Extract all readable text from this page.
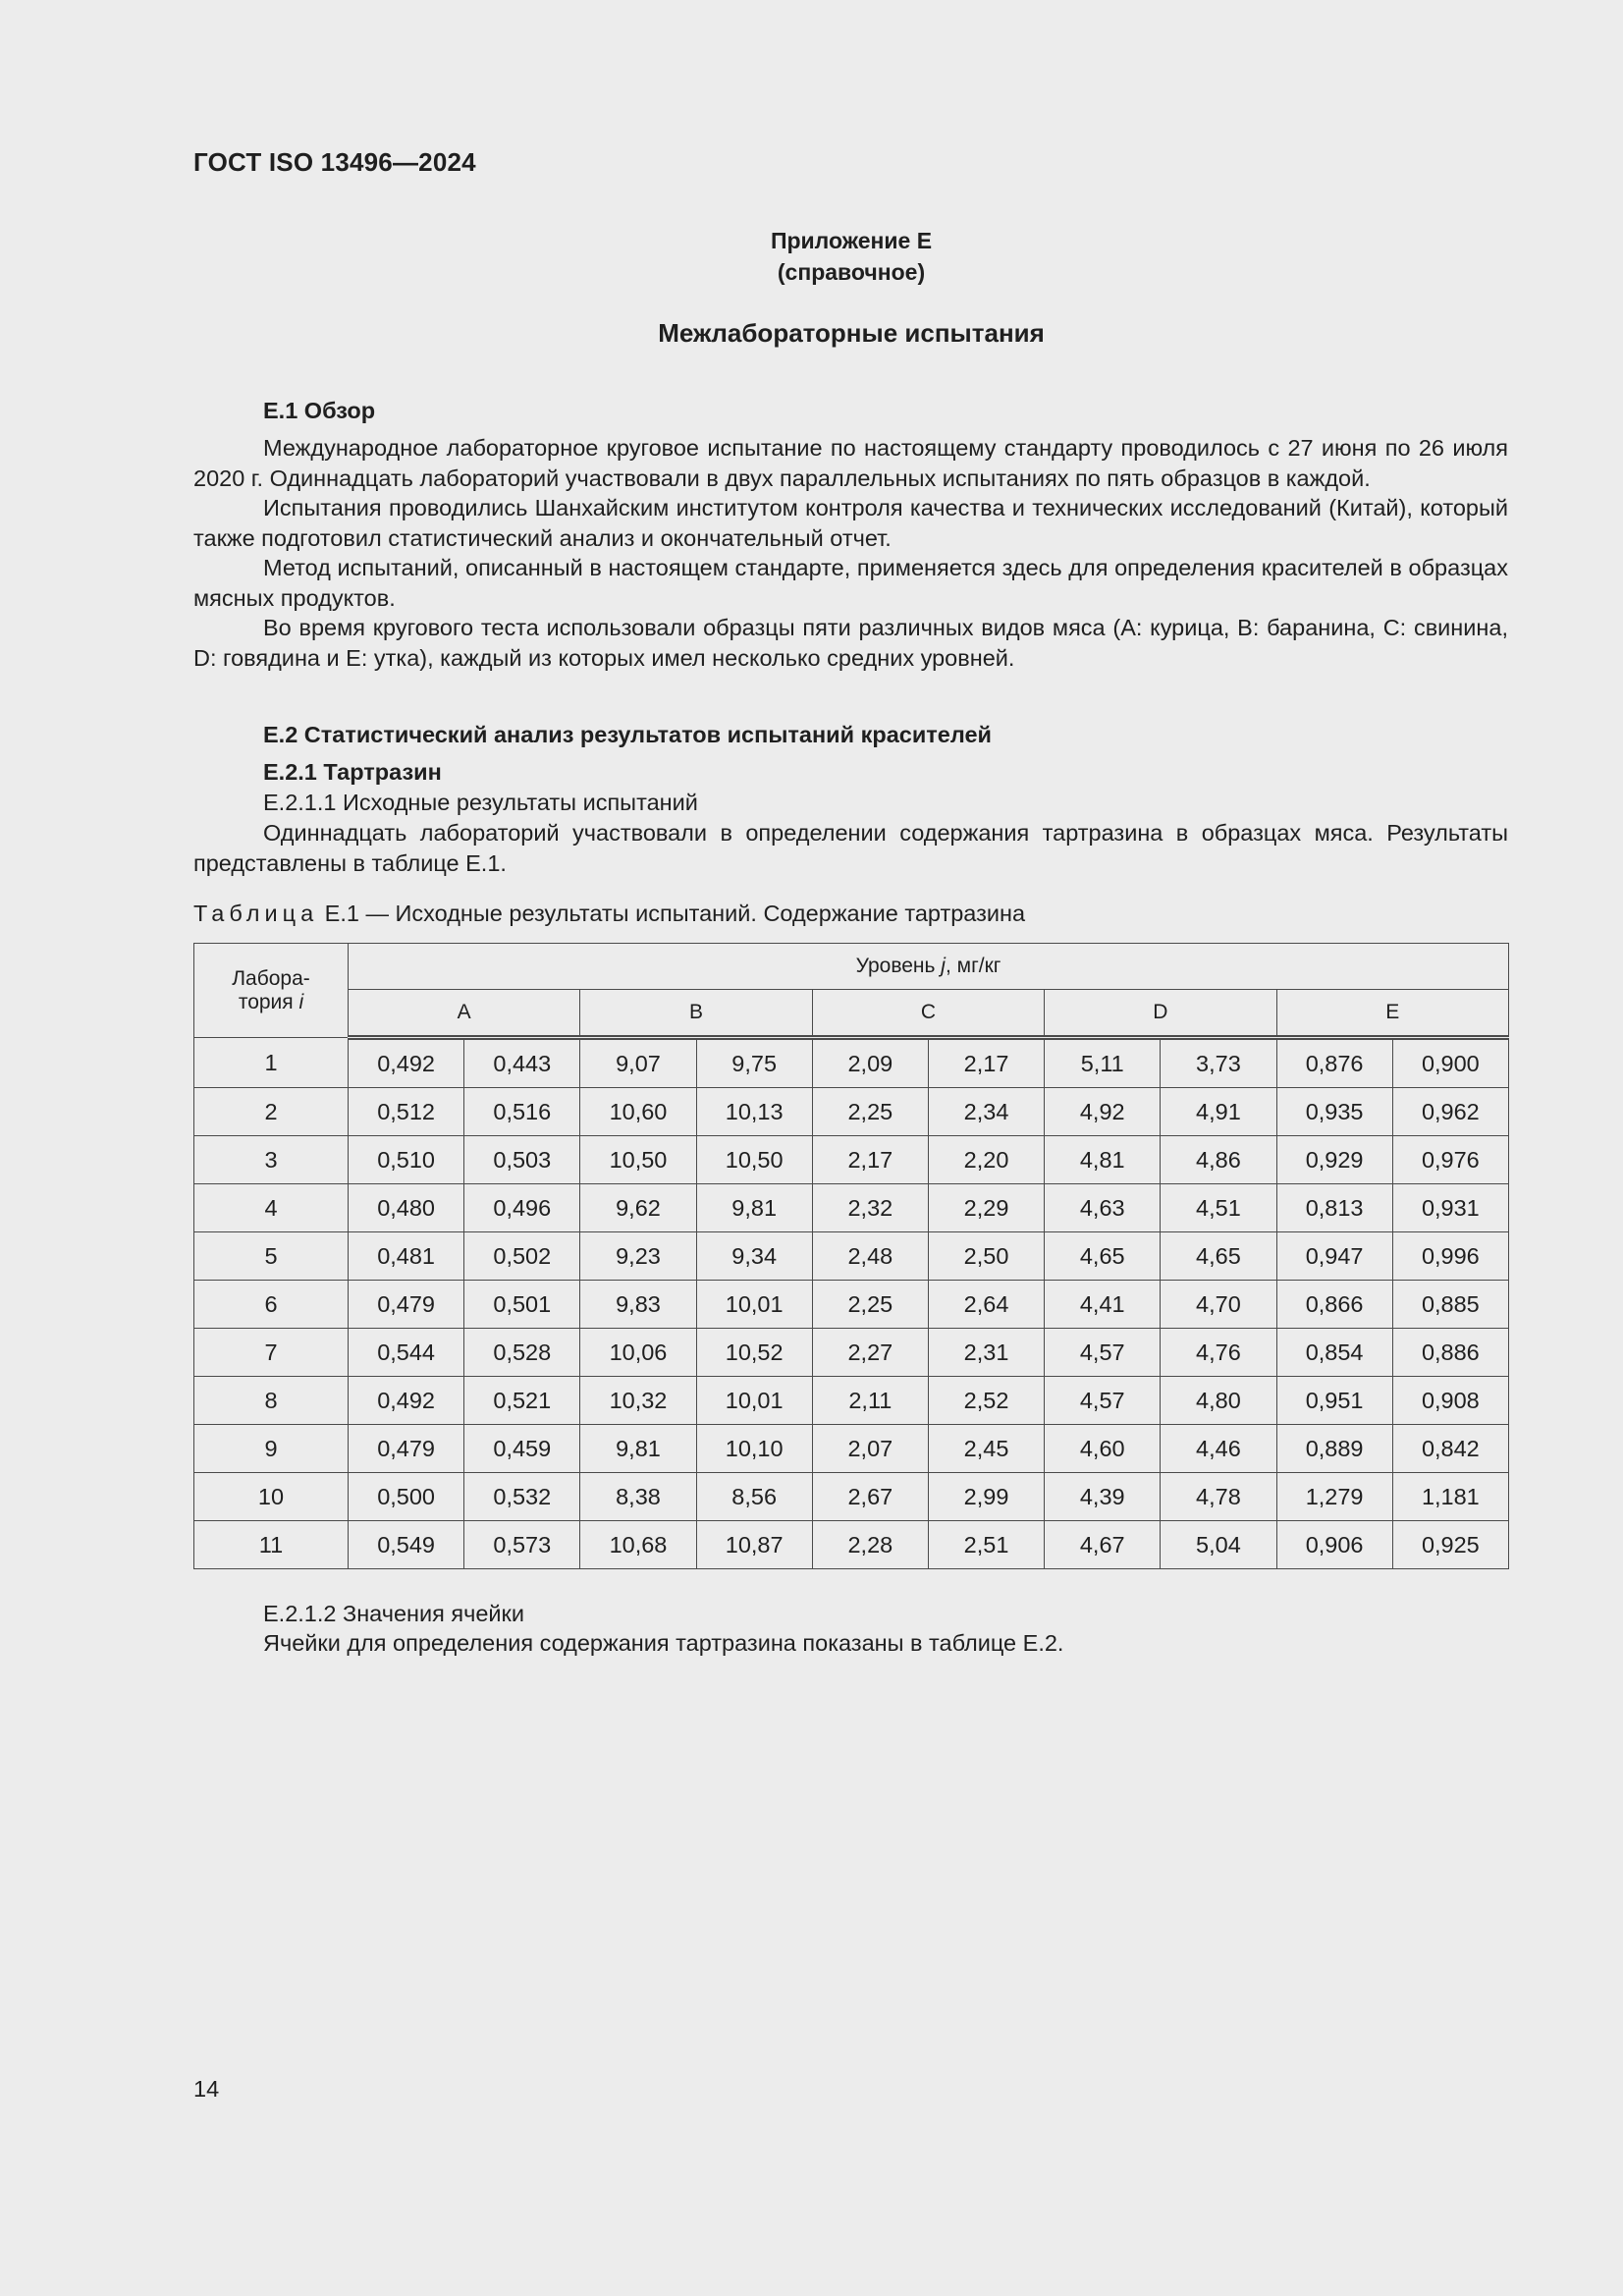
ГОСТ ISO 13496—2024
Приложение Е
(справочное)
Межлабораторные испытания
Е.1 Обзор

Международное лабораторное круговое испытание по настоящему стандарту проводилось с 27 июня по 26 июля 2020 г. Одиннадцать лабораторий участвовали в двух параллельных испытаниях по пять образцов в каждой.

Испытания проводились Шанхайским институтом контроля качества и технических исследований (Китай), который также подготовил статистический анализ и окончательный отчет.

Метод испытаний, описанный в настоящем стандарте, применяется здесь для определения красителей в образцах мясных продуктов.

Во время кругового теста использовали образцы пяти различных видов мяса (А: курица, В: баранина, С: свинина, D: говядина и Е: утка), каждый из которых имел несколько средних уровней.

Е.2 Статистический анализ результатов испытаний красителей
Е.2.1 Тартразин
Е.2.1.1 Исходные результаты испытаний

Одиннадцать лабораторий участвовали в определении содержания тартразина в образцах мяса. Результаты представлены в таблице Е.1.

Таблица Е.1 — Исходные результаты испытаний. Содержание тартразина
Лабора-
тория i	Уровень j, мг/кг									
	А		В		С		D		Е	
1	0,492	0,443	9,07	9,75	2,09	2,17	5,11	3,73	0,876	0,900
2	0,512	0,516	10,60	10,13	2,25	2,34	4,92	4,91	0,935	0,962
3	0,510	0,503	10,50	10,50	2,17	2,20	4,81	4,86	0,929	0,976
4	0,480	0,496	9,62	9,81	2,32	2,29	4,63	4,51	0,813	0,931
5	0,481	0,502	9,23	9,34	2,48	2,50	4,65	4,65	0,947	0,996
6	0,479	0,501	9,83	10,01	2,25	2,64	4,41	4,70	0,866	0,885
7	0,544	0,528	10,06	10,52	2,27	2,31	4,57	4,76	0,854	0,886
8	0,492	0,521	10,32	10,01	2,11	2,52	4,57	4,80	0,951	0,908
9	0,479	0,459	9,81	10,10	2,07	2,45	4,60	4,46	0,889	0,842
10	0,500	0,532	8,38	8,56	2,67	2,99	4,39	4,78	1,279	1,181
11	0,549	0,573	10,68	10,87	2,28	2,51	4,67	5,04	0,906	0,925
Е.2.1.2 Значения ячейки
Ячейки для определения содержания тартразина показаны в таблице Е.2.
14
